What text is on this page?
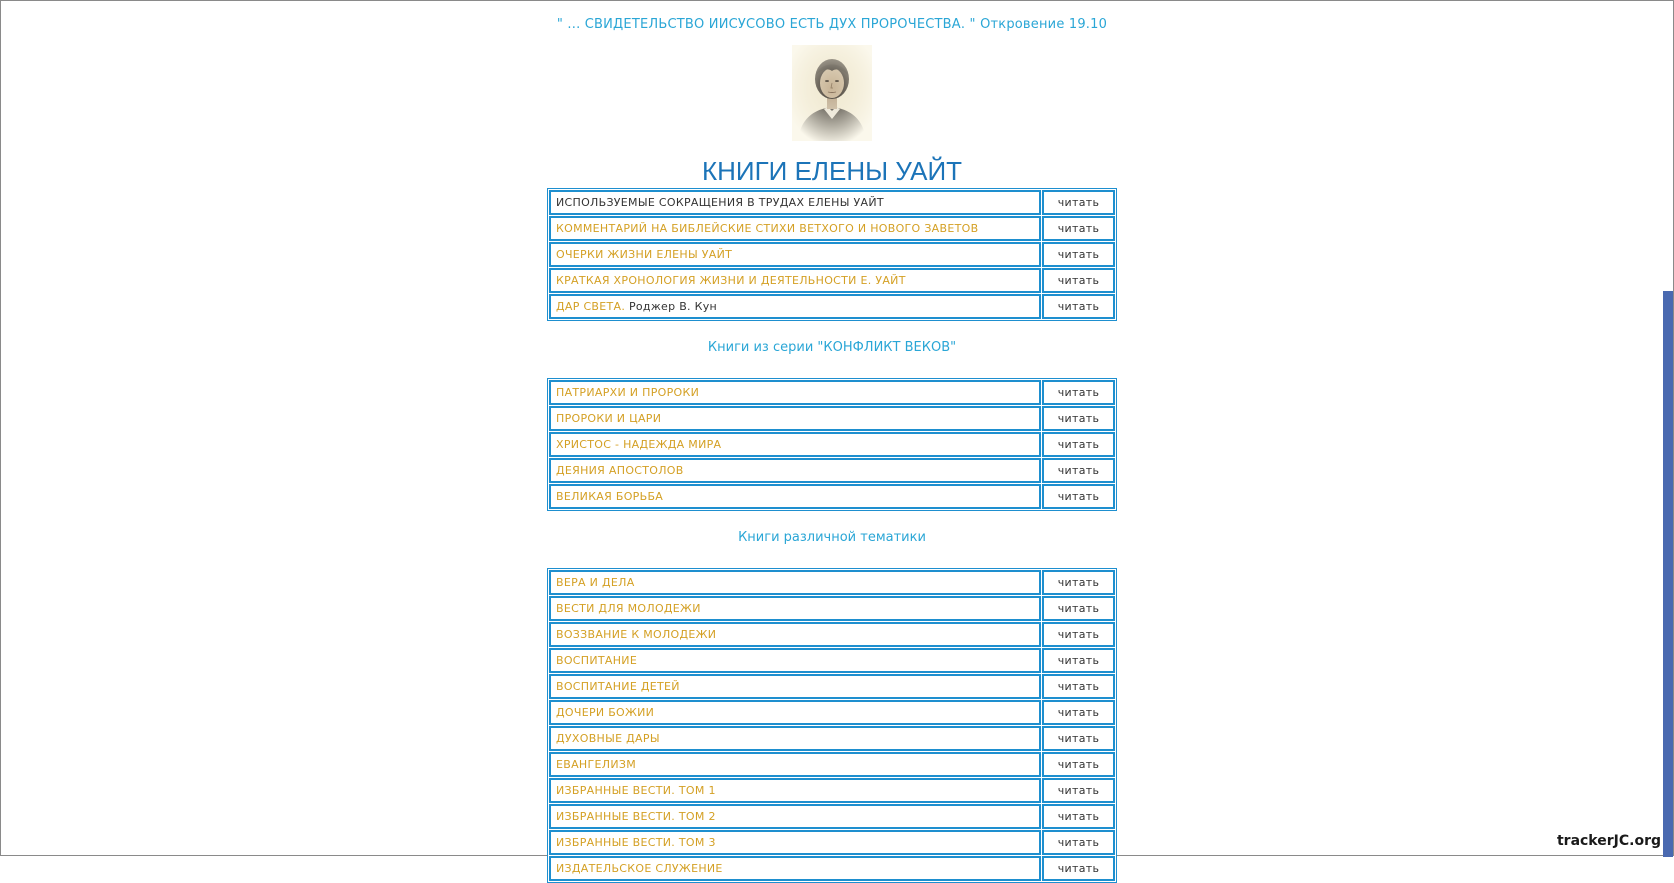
" ... СВИДЕТЕЛЬСТВО ИИСУСОВО ЕСТЬ ДУХ ПРОРОЧЕСТВА. " Откровение 19.10
КНИГИ ЕЛЕНЫ УАЙТ
ИСПОЛЬЗУЕМЫЕ СОКРАЩЕНИЯ В ТРУДАХ ЕЛЕНЫ УАЙТ	читать
КОММЕНТАРИЙ НА БИБЛЕЙСКИЕ СТИХИ ВЕТХОГО И НОВОГО ЗАВЕТОВ	читать
ОЧЕРКИ ЖИЗНИ ЕЛЕНЫ УАЙТ	читать
КРАТКАЯ ХРОНОЛОГИЯ ЖИЗНИ И ДЕЯТЕЛЬНОСТИ Е. УАЙТ	читать
ДАР СВЕТА. Роджер В. Кун	читать
Книги из серии "КОНФЛИКТ ВЕКОВ"
ПАТРИАРХИ И ПРОРОКИ	читать
ПРОРОКИ И ЦАРИ	читать
ХРИСТОС - НАДЕЖДА МИРА	читать
ДЕЯНИЯ АПОСТОЛОВ	читать
ВЕЛИКАЯ БОРЬБА	читать
Книги различной тематики
ВЕРА И ДЕЛА	читать
ВЕСТИ ДЛЯ МОЛОДЕЖИ	читать
ВОЗЗВАНИЕ К МОЛОДЕЖИ	читать
ВОСПИТАНИЕ	читать
ВОСПИТАНИЕ ДЕТЕЙ	читать
ДОЧЕРИ БОЖИИ	читать
ДУХОВНЫЕ ДАРЫ	читать
ЕВАНГЕЛИЗМ	читать
ИЗБРАННЫЕ ВЕСТИ. ТОМ 1	читать
ИЗБРАННЫЕ ВЕСТИ. ТОМ 2	читать
ИЗБРАННЫЕ ВЕСТИ. ТОМ 3	читать
ИЗДАТЕЛЬСКОЕ СЛУЖЕНИЕ	читать
trackerJC.org
